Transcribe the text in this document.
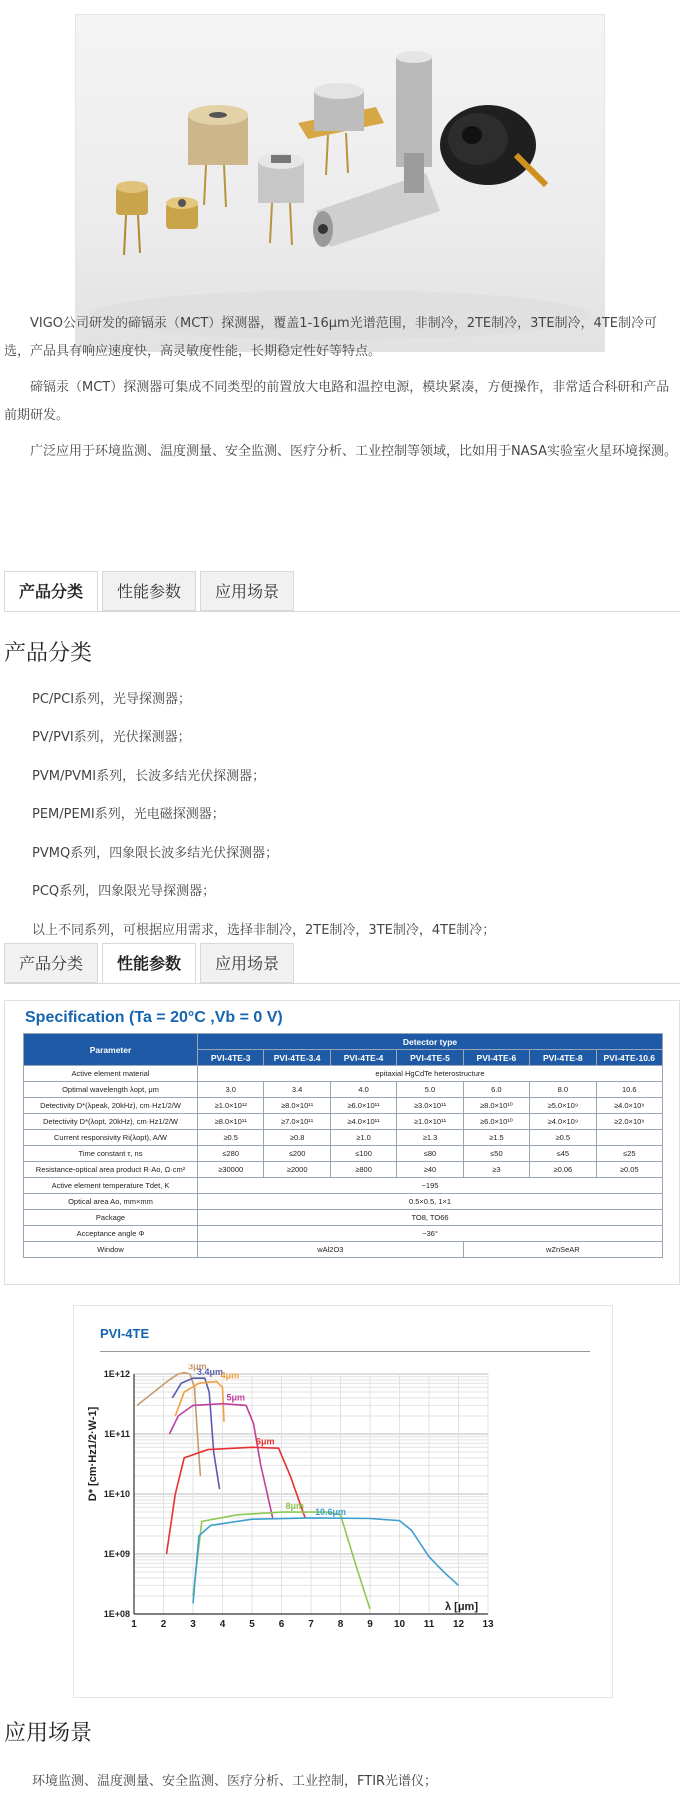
VIGO公司研发的碲镉汞（MCT）探测器，覆盖1-16μm光谱范围，非制冷，2TE制冷，3TE制冷，4TE制冷可选，产品具有响应速度快，高灵敏度性能，长期稳定性好等特点。

碲镉汞（MCT）探测器可集成不同类型的前置放大电路和温控电源，模块紧凑，方便操作，非常适合科研和产品前期研发。

广泛应用于环境监测、温度测量、安全监测、医疗分析、工业控制等领域，比如用于NASA实验室火星环境探测。

产品分类	性能参数	应用场景
产品分类

PC/PCI系列，光导探测器；

PV/PVI系列，光伏探测器；

PVM/PVMI系列，长波多结光伏探测器；

PEM/PEMI系列，光电磁探测器；

PVMQ系列，四象限长波多结光伏探测器；

PCQ系列，四象限光导探测器；

以上不同系列，可根据应用需求，选择非制冷，2TE制冷，3TE制冷，4TE制冷；

产品分类	性能参数	应用场景
Specification (Ta = 20°C ,Vb = 0 V)
Parameter	Detector type						
	PVI-4TE-3	PVI-4TE-3.4	PVI-4TE-4	PVI-4TE-5	PVI-4TE-6	PVI-4TE-8	PVI-4TE-10.6
Active element material	epitaxial HgCdTe heterostructure						
Optimal wavelength λopt, μm	3.0	3.4	4.0	5.0	6.0	8.0	10.6
Detectivity D*(λpeak, 20kHz), cm·Hz1/2/W	≥1.0×10¹²	≥8.0×10¹¹	≥6.0×10¹¹	≥3.0×10¹¹	≥8.0×10¹⁰	≥5.0×10⁹	≥4.0×10⁹
Detectivity D*(λopt, 20kHz), cm·Hz1/2/W	≥8.0×10¹¹	≥7.0×10¹¹	≥4.0×10¹¹	≥1.0×10¹¹	≥6.0×10¹⁰	≥4.0×10⁹	≥2.0×10⁹
Current responsivity Ri(λopt), A/W	≥0.5	≥0.8	≥1.0	≥1.3	≥1.5	≥0.5	
Time constant τ, ns	≤280	≤200	≤100	≤80	≤50	≤45	≤25
Resistance-optical area product R·Ao, Ω·cm²	≥30000	≥2000	≥800	≥40	≥3	≥0.06	≥0.05
Active element temperature Tdet, K	~195						
Optical area Ao, mm×mm	0.5×0.5, 1×1						
Package	TO8, TO66						
Acceptance angle Φ	~36°						
Window	wAl2O3				wZnSeAR		
PVI-4TE
1 2 3 4 5 6 7 8 9 10 11 12 13
1E+08
1E+09
1E+10
1E+11
1E+12
λ [μm]
D* [cm·Hz1/2·W-1]
3μm
3.4μm
4μm
5μm
6μm
8μm
10.6μm
应用场景

环境监测、温度测量、安全监测、医疗分析、工业控制，FTIR光谱仪；
